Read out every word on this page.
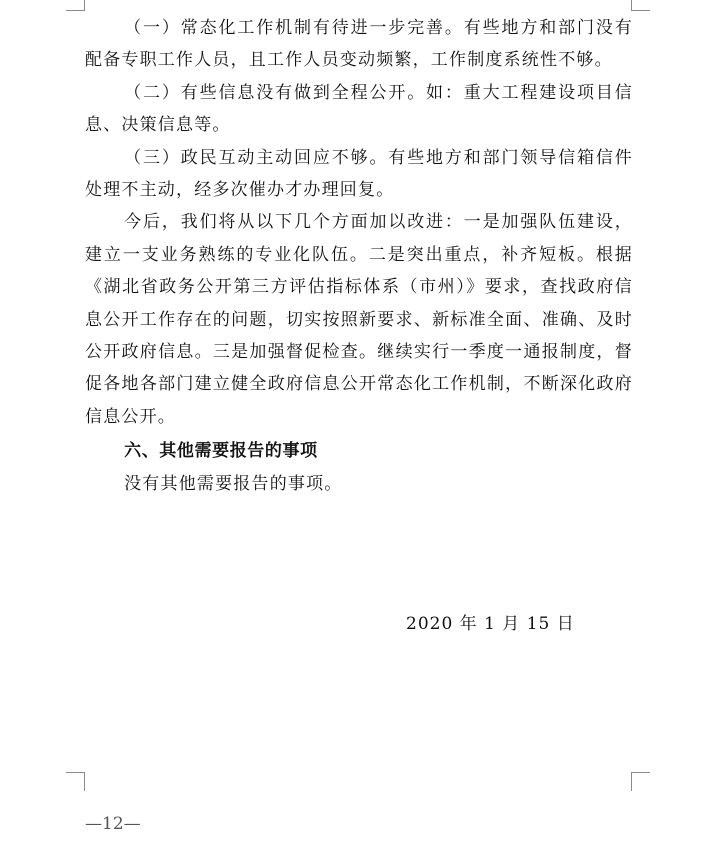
（一）常态化工作机制有待进一步完善。有些地方和部门没有配备专职工作人员，且工作人员变动频繁，工作制度系统性不够。

（二）有些信息没有做到全程公开。如：重大工程建设项目信息、决策信息等。

（三）政民互动主动回应不够。有些地方和部门领导信箱信件处理不主动，经多次催办才办理回复。

今后，我们将从以下几个方面加以改进：一是加强队伍建设，建立一支业务熟练的专业化队伍。二是突出重点，补齐短板。根据《湖北省政务公开第三方评估指标体系（市州）》要求，查找政府信息公开工作存在的问题，切实按照新要求、新标准全面、准确、及时公开政府信息。三是加强督促检查。继续实行一季度一通报制度，督促各地各部门建立健全政府信息公开常态化工作机制，不断深化政府信息公开。

六、其他需要报告的事项

没有其他需要报告的事项。

2020 年 1 月 15 日
—12—
